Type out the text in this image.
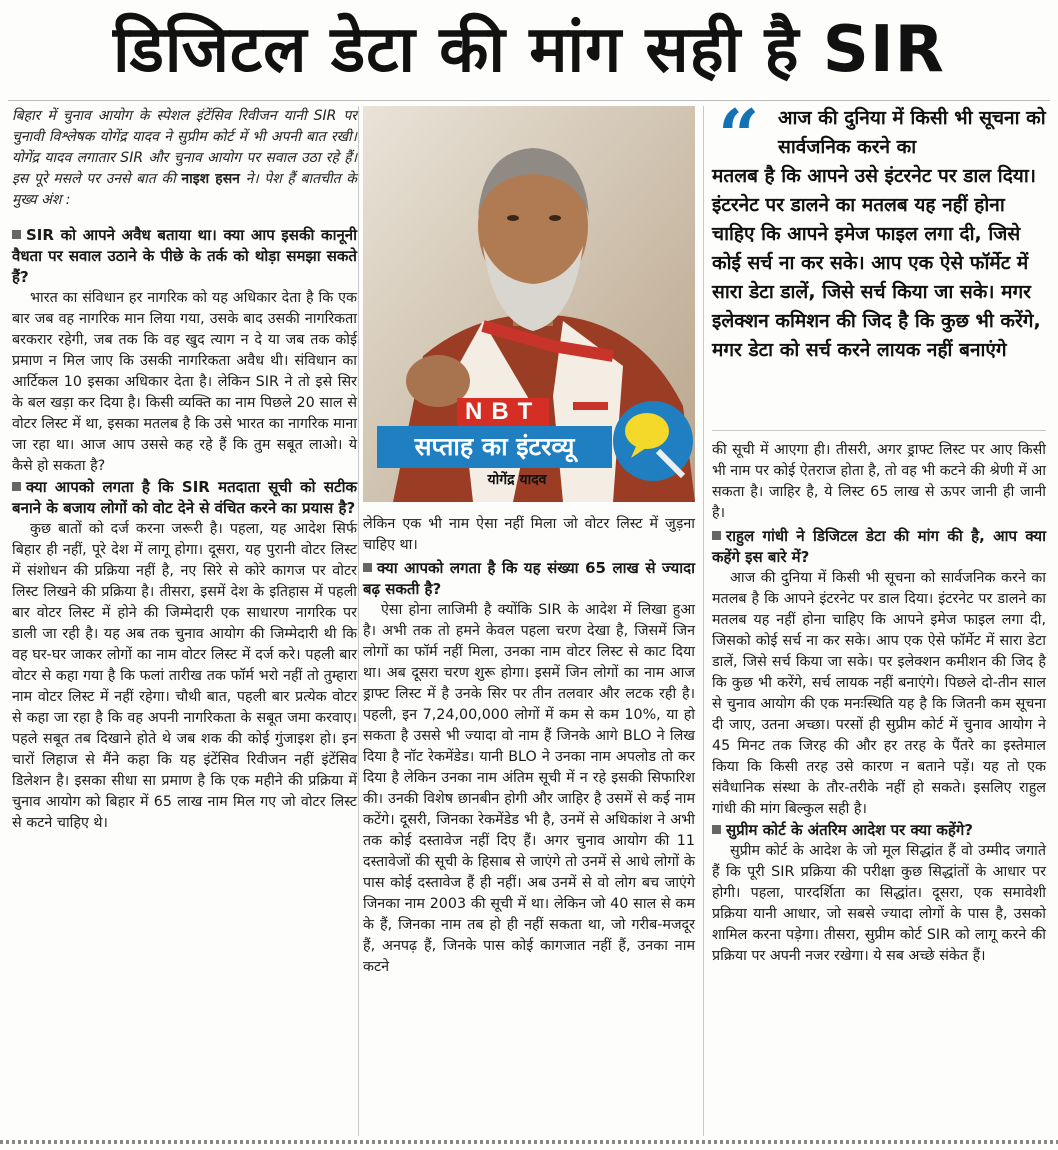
डिजिटल डेटा की मांग सही है SIR

बिहार में चुनाव आयोग के स्पेशल इंटेंसिव रिवीजन यानी SIR पर चुनावी विश्लेषक योगेंद्र यादव ने सुप्रीम कोर्ट में भी अपनी बात रखी। योगेंद्र यादव लगातार SIR और चुनाव आयोग पर सवाल उठा रहे हैं। इस पूरे मसले पर उनसे बात की नाइश हसन ने। पेश हैं बातचीत के मुख्य अंश :

SIR को आपने अवैध बताया था। क्या आप इसकी कानूनी वैधता पर सवाल उठाने के पीछे के तर्क को थोड़ा समझा सकते हैं?

भारत का संविधान हर नागरिक को यह अधिकार देता है कि एक बार जब वह नागरिक मान लिया गया, उसके बाद उसकी नागरिकता बरकरार रहेगी, जब तक कि वह खुद त्याग न दे या जब तक कोई प्रमाण न मिल जाए कि उसकी नागरिकता अवैध थी। संविधान का आर्टिकल 10 इसका अधिकार देता है। लेकिन SIR ने तो इसे सिर के बल खड़ा कर दिया है। किसी व्यक्ति का नाम पिछले 20 साल से वोटर लिस्ट में था, इसका मतलब है कि उसे भारत का नागरिक माना जा रहा था। आज आप उससे कह रहे हैं कि तुम सबूत लाओ। ये कैसे हो सकता है?

क्या आपको लगता है कि SIR मतदाता सूची को सटीक बनाने के बजाय लोगों को वोट देने से वंचित करने का प्रयास है?

कुछ बातों को दर्ज करना जरूरी है। पहला, यह आदेश सिर्फ बिहार ही नहीं, पूरे देश में लागू होगा। दूसरा, यह पुरानी वोटर लिस्ट में संशोधन की प्रक्रिया नहीं है, नए सिरे से कोरे कागज पर वोटर लिस्ट लिखने की प्रक्रिया है। तीसरा, इसमें देश के इतिहास में पहली बार वोटर लिस्ट में होने की जिम्मेदारी एक साधारण नागरिक पर डाली जा रही है। यह अब तक चुनाव आयोग की जिम्मेदारी थी कि वह घर-घर जाकर लोगों का नाम वोटर लिस्ट में दर्ज करे। पहली बार वोटर से कहा गया है कि फलां तारीख तक फॉर्म भरो नहीं तो तुम्हारा नाम वोटर लिस्ट में नहीं रहेगा। चौथी बात, पहली बार प्रत्येक वोटर से कहा जा रहा है कि वह अपनी नागरिकता के सबूत जमा करवाए। पहले सबूत तब दिखाने होते थे जब शक की कोई गुंजाइश हो। इन चारों लिहाज से मैंने कहा कि यह इंटेंसिव रिवीजन नहीं इंटेंसिव डिलेशन है। इसका सीधा सा प्रमाण है कि एक महीने की प्रक्रिया में चुनाव आयोग को बिहार में 65 लाख नाम मिल गए जो वोटर लिस्ट से कटने चाहिए थे।

NBT
सप्ताह का इंटरव्यू
योगेंद्र यादव

लेकिन एक भी नाम ऐसा नहीं मिला जो वोटर लिस्ट में जुड़ना चाहिए था।

क्या आपको लगता है कि यह संख्या 65 लाख से ज्यादा बढ़ सकती है?

ऐसा होना लाजिमी है क्योंकि SIR के आदेश में लिखा हुआ है। अभी तक तो हमने केवल पहला चरण देखा है, जिसमें जिन लोगों का फॉर्म नहीं मिला, उनका नाम वोटर लिस्ट से काट दिया था। अब दूसरा चरण शुरू होगा। इसमें जिन लोगों का नाम आज ड्राफ्ट लिस्ट में है उनके सिर पर तीन तलवार और लटक रही है। पहली, इन 7,24,00,000 लोगों में कम से कम 10%, या हो सकता है उससे भी ज्यादा वो नाम हैं जिनके आगे BLO ने लिख दिया है नॉट रेकमेंडेड। यानी BLO ने उनका नाम अपलोड तो कर दिया है लेकिन उनका नाम अंतिम सूची में न रहे इसकी सिफारिश की। उनकी विशेष छानबीन होगी और जाहिर है उसमें से कई नाम कटेंगे। दूसरी, जिनका रेकमेंडेड भी है, उनमें से अधिकांश ने अभी तक कोई दस्तावेज नहीं दिए हैं। अगर चुनाव आयोग की 11 दस्तावेजों की सूची के हिसाब से जाएंगे तो उनमें से आधे लोगों के पास कोई दस्तावेज हैं ही नहीं। अब उनमें से वो लोग बच जाएंगे जिनका नाम 2003 की सूची में था। लेकिन जो 40 साल से कम के हैं, जिनका नाम तब हो ही नहीं सकता था, जो गरीब-मजदूर हैं, अनपढ़ हैं, जिनके पास कोई कागजात नहीं हैं, उनका नाम कटने

“ आज की दुनिया में किसी भी सूचना को सार्वजनिक करने का
मतलब है कि आपने उसे इंटरनेट पर डाल दिया। इंटरनेट पर डालने का मतलब यह नहीं होना चाहिए कि आपने इमेज फाइल लगा दी, जिसे कोई सर्च ना कर सके। आप एक ऐसे फॉर्मेट में सारा डेटा डालें, जिसे सर्च किया जा सके। मगर इलेक्शन कमिशन की जिद है कि कुछ भी करेंगे, मगर डेटा को सर्च करने लायक नहीं बनाएंगे

की सूची में आएगा ही। तीसरी, अगर ड्राफ्ट लिस्ट पर आए किसी भी नाम पर कोई ऐतराज होता है, तो वह भी कटने की श्रेणी में आ सकता है। जाहिर है, ये लिस्ट 65 लाख से ऊपर जानी ही जानी है।

राहुल गांधी ने डिजिटल डेटा की मांग की है, आप क्या कहेंगे इस बारे में?

आज की दुनिया में किसी भी सूचना को सार्वजनिक करने का मतलब है कि आपने इंटरनेट पर डाल दिया। इंटरनेट पर डालने का मतलब यह नहीं होना चाहिए कि आपने इमेज फाइल लगा दी, जिसको कोई सर्च ना कर सके। आप एक ऐसे फॉर्मेट में सारा डेटा डालें, जिसे सर्च किया जा सके। पर इलेक्शन कमीशन की जिद है कि कुछ भी करेंगे, सर्च लायक नहीं बनाएंगे। पिछले दो-तीन साल से चुनाव आयोग की एक मनःस्थिति यह है कि जितनी कम सूचना दी जाए, उतना अच्छा। परसों ही सुप्रीम कोर्ट में चुनाव आयोग ने 45 मिनट तक जिरह की और हर तरह के पैंतरे का इस्तेमाल किया कि किसी तरह उसे कारण न बताने पड़ें। यह तो एक संवैधानिक संस्था के तौर-तरीके नहीं हो सकते। इसलिए राहुल गांधी की मांग बिल्कुल सही है।

सुप्रीम कोर्ट के अंतरिम आदेश पर क्या कहेंगे?

सुप्रीम कोर्ट के आदेश के जो मूल सिद्धांत हैं वो उम्मीद जगाते हैं कि पूरी SIR प्रक्रिया की परीक्षा कुछ सिद्धांतों के आधार पर होगी। पहला, पारदर्शिता का सिद्धांत। दूसरा, एक समावेशी प्रक्रिया यानी आधार, जो सबसे ज्यादा लोगों के पास है, उसको शामिल करना पड़ेगा। तीसरा, सुप्रीम कोर्ट SIR को लागू करने की प्रक्रिया पर अपनी नजर रखेगा। ये सब अच्छे संकेत हैं।
